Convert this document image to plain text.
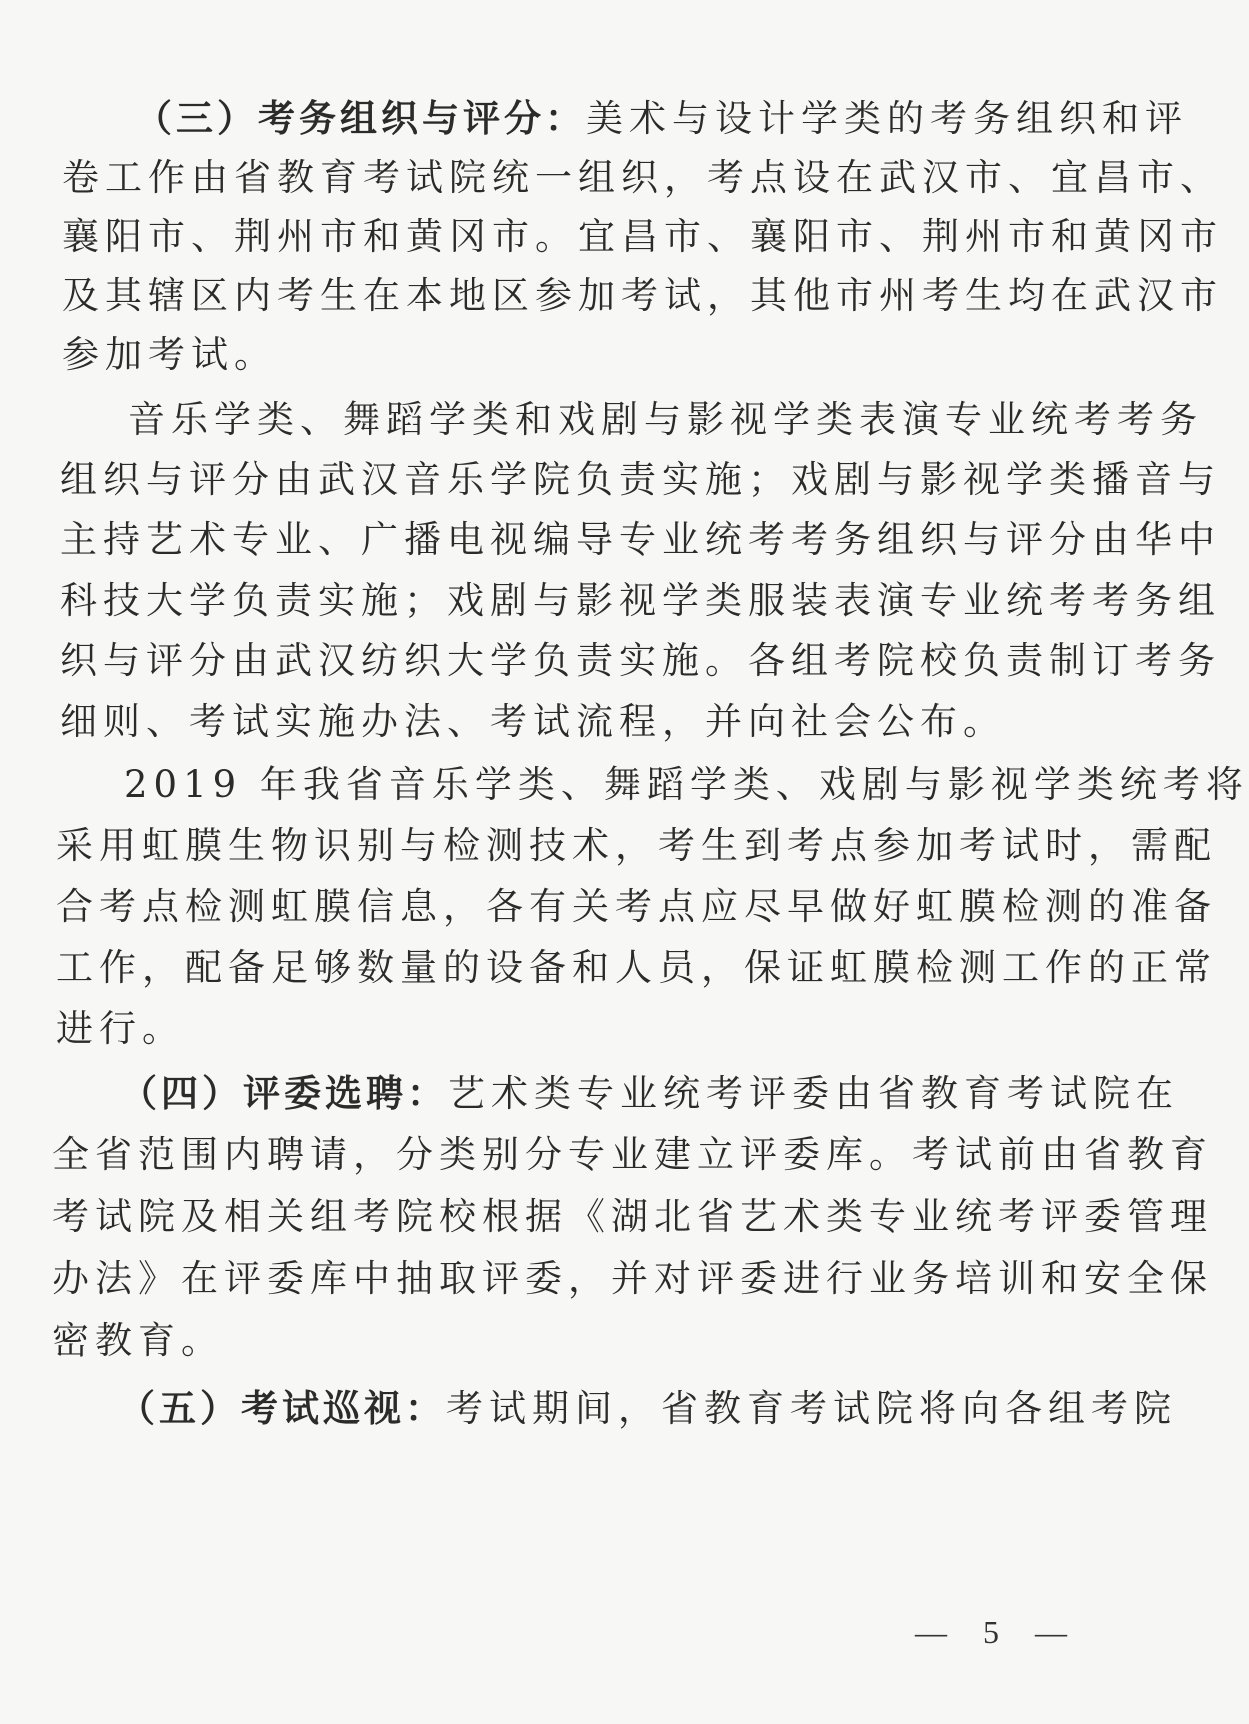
（三）考务组织与评分：美术与设计学类的考务组织和评
卷工作由省教育考试院统一组织，考点设在武汉市、宜昌市、
襄阳市、荆州市和黄冈市。宜昌市、襄阳市、荆州市和黄冈市
及其辖区内考生在本地区参加考试，其他市州考生均在武汉市
参加考试。
音乐学类、舞蹈学类和戏剧与影视学类表演专业统考考务
组织与评分由武汉音乐学院负责实施；戏剧与影视学类播音与
主持艺术专业、广播电视编导专业统考考务组织与评分由华中
科技大学负责实施；戏剧与影视学类服装表演专业统考考务组
织与评分由武汉纺织大学负责实施。各组考院校负责制订考务
细则、考试实施办法、考试流程，并向社会公布。
2019 年我省音乐学类、舞蹈学类、戏剧与影视学类统考将
采用虹膜生物识别与检测技术，考生到考点参加考试时，需配
合考点检测虹膜信息，各有关考点应尽早做好虹膜检测的准备
工作，配备足够数量的设备和人员，保证虹膜检测工作的正常
进行。
（四）评委选聘：艺术类专业统考评委由省教育考试院在
全省范围内聘请，分类别分专业建立评委库。考试前由省教育
考试院及相关组考院校根据《湖北省艺术类专业统考评委管理
办法》在评委库中抽取评委，并对评委进行业务培训和安全保
密教育。
（五）考试巡视：考试期间，省教育考试院将向各组考院
— 5 —
